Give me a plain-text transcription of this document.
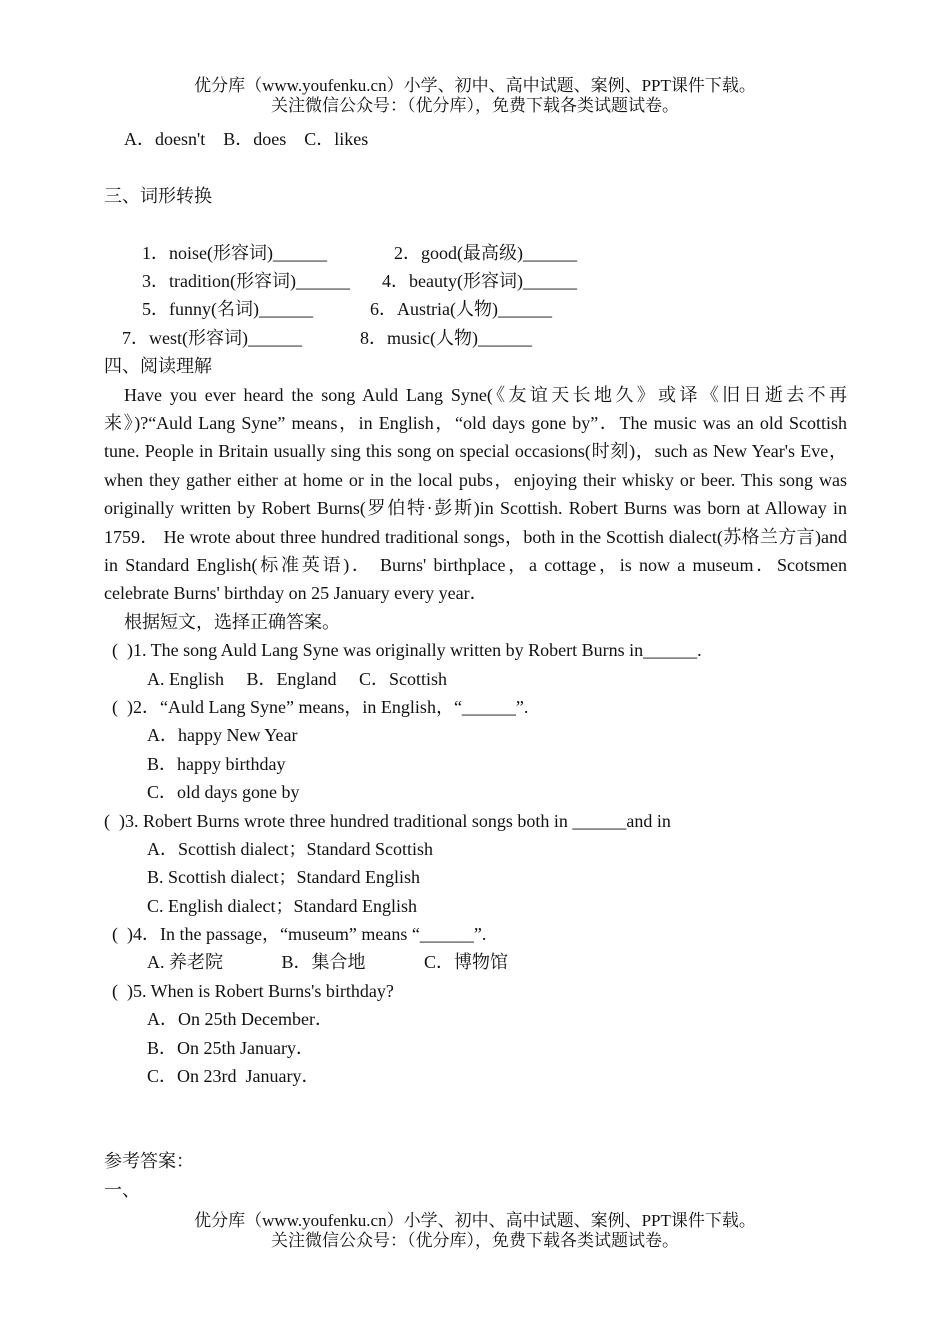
优分库（www.youfenku.cn）小学、初中、高中试题、案例、PPT课件下载。
关注微信公众号：（优分库），免费下载各类试题试卷。
A．doesn't　B．does　C．likes
三、词形转换

1．noise(形容词)______	2．good(最高级)______

3．tradition(形容词)______ 4．beauty(形容词)______

5．funny(名词)______	6．Austria(人物)______

7．west(形容词)______	8．music(人物)______

四、阅读理解
Have you ever heard the song Auld Lang Syne(《友谊天长地久》或译《旧日逝去不再来》)?“Auld Lang Syne” means，in English，“old days gone by”．The music was an old Scottish tune. People in Britain usually sing this song on special occasions(时刻)，such as New Year's Eve，when they gather either at home or in the local pubs，enjoying their whisky or beer. This song was originally written by Robert Burns(罗伯特·彭斯)in Scottish. Robert Burns was born at Alloway in 1759． He wrote about three hundred traditional songs，both in the Scottish dialect(苏格兰方言)and in Standard English(标准英语)． Burns' birthplace，a cottage，is now a museum．Scotsmen celebrate Burns' birthday on 25 January every year．
根据短文，选择正确答案。
(  )1. The song Auld Lang Syne was originally written by Robert Burns in______.
A. English　 B．England　 C．Scottish
(  )2．“Auld Lang Syne” means，in English，“______”.
A．happy New Year
B．happy birthday
C．old days gone by
(  )3. Robert Burns wrote three hundred traditional songs both in ______and in
A．Scottish dialect；Standard Scottish
B. Scottish dialect；Standard English
C. English dialect；Standard English
(  )4．In the passage，“museum” means “______”.
A. 养老院　　　 B．集合地　　　 C．博物馆
(  )5. When is Robert Burns's birthday?
A．On 25th December．
B．On 25th January．
C．On 23rd  January．
参考答案：
一、
优分库（www.youfenku.cn）小学、初中、高中试题、案例、PPT课件下载。
关注微信公众号：（优分库），免费下载各类试题试卷。
